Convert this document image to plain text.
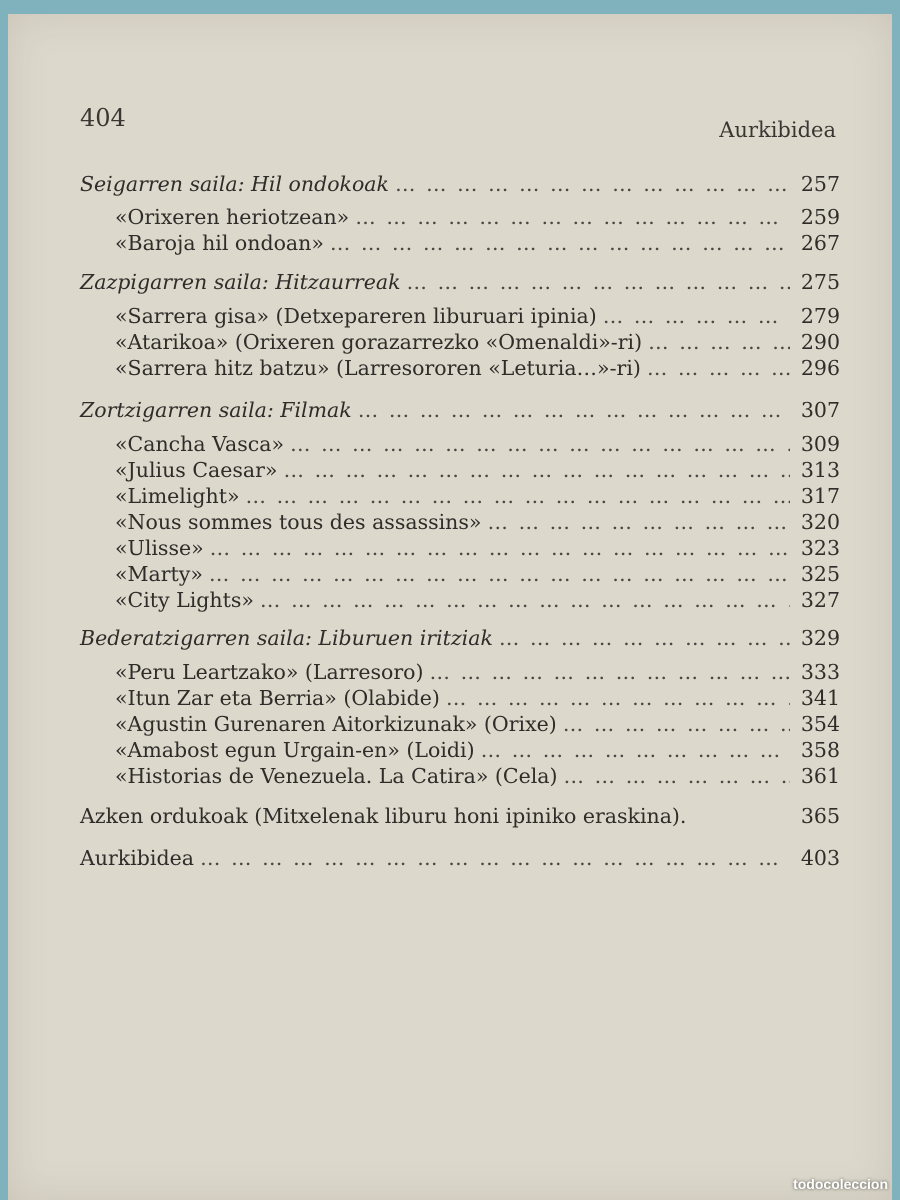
404	Aurkibidea
Seigarren saila: Hil ondokoak … … … … … … … … … … … … … … … … … … … … … … … … … … … … … … … … … …	257
«Orixeren heriotzean» … … … … … … … … … … … … … … … … … … … … … … … … … … … … … … … … … …	259
«Baroja hil ondoan» … … … … … … … … … … … … … … … … … … … … … … … … … … … … … … … … … …	267
Zazpigarren saila: Hitzaurreak … … … … … … … … … … … … … … … … … … … … … … … … … … … … … … … … … …	275
«Sarrera gisa» (Detxepareren liburuari ipinia) … … … … … … … … … … … … … … … … … … … … … … … … … … … … … … … … … …	279
«Atarikoa» (Orixeren gorazarrezko «Omenaldi»-ri) … … … … … … … … … … … … … … … … … … … … … … … … … … … … … … … … … …	290
«Sarrera hitz batzu» (Larresororen «Leturia…»-ri) … … … … … … … … … … … … … … … … … … … … … … … … … … … … … … … … … …	296
Zortzigarren saila: Filmak … … … … … … … … … … … … … … … … … … … … … … … … … … … … … … … … … …	307
«Cancha Vasca» … … … … … … … … … … … … … … … … … … … … … … … … … … … … … … … … … …	309
«Julius Caesar» … … … … … … … … … … … … … … … … … … … … … … … … … … … … … … … … … …	313
«Limelight» … … … … … … … … … … … … … … … … … … … … … … … … … … … … … … … … … …	317
«Nous sommes tous des assassins» … … … … … … … … … … … … … … … … … … … … … … … … … … … … … … … … … …	320
«Ulisse» … … … … … … … … … … … … … … … … … … … … … … … … … … … … … … … … … …	323
«Marty» … … … … … … … … … … … … … … … … … … … … … … … … … … … … … … … … … …	325
«City Lights» … … … … … … … … … … … … … … … … … … … … … … … … … … … … … … … … … …	327
Bederatzigarren saila: Liburuen iritziak … … … … … … … … … … … … … … … … … … … … … … … … … … … … … … … … … …	329
«Peru Leartzako» (Larresoro) … … … … … … … … … … … … … … … … … … … … … … … … … … … … … … … … … …	333
«Itun Zar eta Berria» (Olabide) … … … … … … … … … … … … … … … … … … … … … … … … … … … … … … … … … …	341
«Agustin Gurenaren Aitorkizunak» (Orixe) … … … … … … … … … … … … … … … … … … … … … … … … … … … … … … … … … …	354
«Amabost egun Urgain-en» (Loidi) … … … … … … … … … … … … … … … … … … … … … … … … … … … … … … … … … …	358
«Historias de Venezuela. La Catira» (Cela) … … … … … … … … … … … … … … … … … … … … … … … … … … … … … … … … … …	361
Azken ordukoak (Mitxelenak liburu honi ipiniko eraskina).	365
Aurkibidea … … … … … … … … … … … … … … … … … … … … … … … … … … … … … … … … … …	403
todocoleccion
